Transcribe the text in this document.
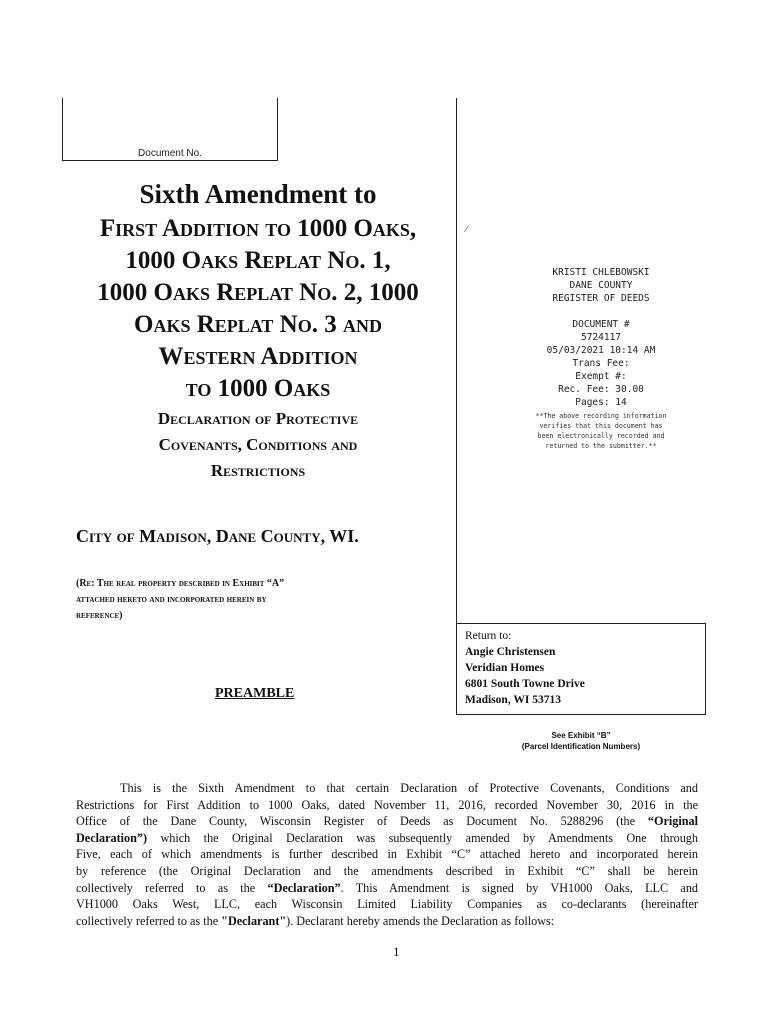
Document No.
⁄
Sixth Amendment to
First Addition to 1000 Oaks,
1000 Oaks Replat No. 1,
1000 Oaks Replat No. 2, 1000
Oaks Replat No. 3 and
Western Addition
to 1000 Oaks
Declaration of Protective
Covenants, Conditions and
Restrictions
City of Madison, Dane County, WI.
(Re: The real property described in Exhibit “A”
attached hereto and incorporated herein by
reference)
PREAMBLE
KRISTI CHLEBOWSKI
DANE COUNTY
REGISTER OF DEEDS
DOCUMENT #
5724117
05/03/2021 10:14 AM
Trans Fee:
Exempt #:
Rec. Fee: 30.00
Pages: 14
**The above recording information
verifies that this document has
been electronically recorded and
returned to the submitter.**
Return to:
Angie Christensen
Veridian Homes
6801 South Towne Drive
Madison, WI 53713
See Exhibit “B”
(Parcel Identification Numbers)
This is the Sixth Amendment to that certain Declaration of Protective Covenants, Conditions and
Restrictions for First Addition to 1000 Oaks, dated November 11, 2016, recorded November 30, 2016 in the
Office of the Dane County, Wisconsin Register of Deeds as Document No. 5288296 (the “Original
Declaration”) which the Original Declaration was subsequently amended by Amendments One through
Five, each of which amendments is further described in Exhibit “C” attached hereto and incorporated herein
by reference (the Original Declaration and the amendments described in Exhibit “C” shall be herein
collectively referred to as the “Declaration”. This Amendment is signed by VH1000 Oaks, LLC and
VH1000 Oaks West, LLC, each Wisconsin Limited Liability Companies as co-declarants (hereinafter
collectively referred to as the "Declarant"). Declarant hereby amends the Declaration as follows:
1
